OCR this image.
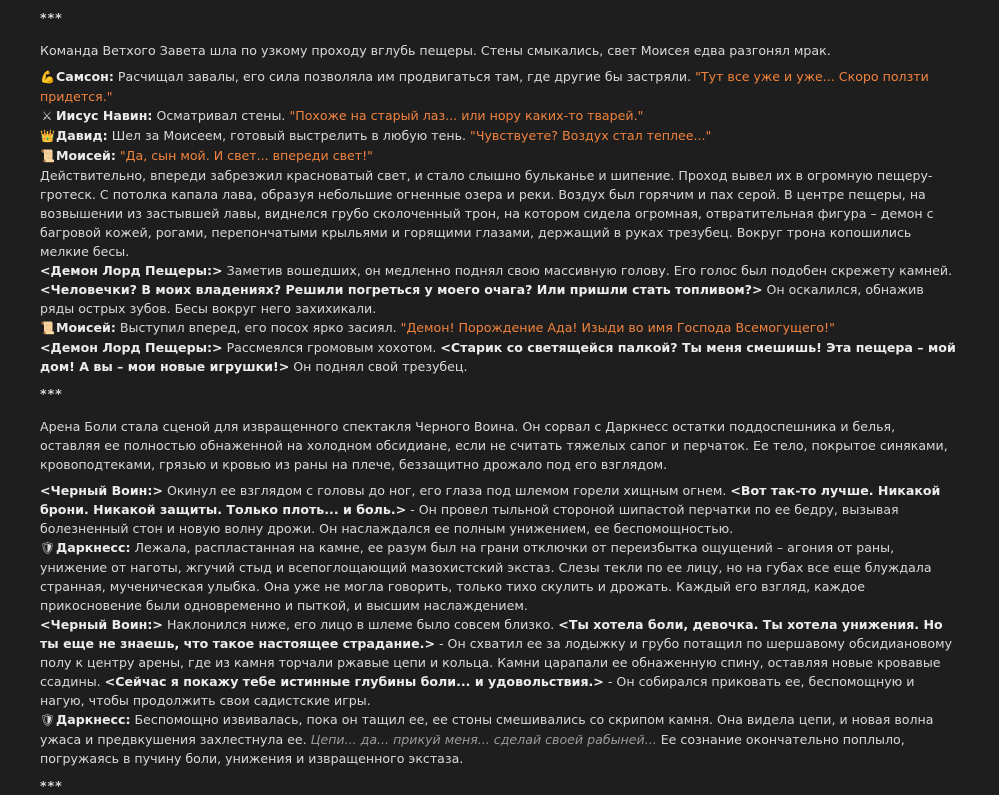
***
Команда Ветхого Завета шла по узкому проходу вглубь пещеры. Стены смыкались, свет Моисея едва разгонял мрак.
💪Самсон: Расчищал завалы, его сила позволяла им продвигаться там, где другие бы застряли. "Тут все уже и уже... Скоро ползти придется."
⚔ Иисус Навин: Осматривал стены. "Похоже на старый лаз... или нору каких-то тварей."
👑Давид: Шел за Моисеем, готовый выстрелить в любую тень. "Чувствуете? Воздух стал теплее..."
📜Моисей: "Да, сын мой. И свет... впереди свет!"
Действительно, впереди забрезжил красноватый свет, и стало слышно бульканье и шипение. Проход вывел их в огромную пещеру-гротеск. С потолка капала лава, образуя небольшие огненные озера и реки. Воздух был горячим и пах серой. В центре пещеры, на возвышении из застывшей лавы, виднелся грубо сколоченный трон, на котором сидела огромная, отвратительная фигура – демон с багровой кожей, рогами, перепончатыми крыльями и горящими глазами, держащий в руках трезубец. Вокруг трона копошились мелкие бесы.
<Демон Лорд Пещеры:> Заметив вошедших, он медленно поднял свою массивную голову. Его голос был подобен скрежету камней.
<Человечки? В моих владениях? Решили погреться у моего очага? Или пришли стать топливом?> Он оскалился, обнажив ряды острых зубов. Бесы вокруг него захихикали.
📜Моисей: Выступил вперед, его посох ярко засиял. "Демон! Порождение Ада! Изыди во имя Господа Всемогущего!"
<Демон Лорд Пещеры:> Рассмеялся громовым хохотом. <Старик со светящейся палкой? Ты меня смешишь! Эта пещера – мой дом! А вы – мои новые игрушки!> Он поднял свой трезубец.
***
Арена Боли стала сценой для извращенного спектакля Черного Воина. Он сорвал с Даркнесс остатки поддоспешника и белья, оставляя ее полностью обнаженной на холодном обсидиане, если не считать тяжелых сапог и перчаток. Ее тело, покрытое синяками, кровоподтеками, грязью и кровью из раны на плече, беззащитно дрожало под его взглядом.
<Черный Воин:> Окинул ее взглядом с головы до ног, его глаза под шлемом горели хищным огнем. <Вот так-то лучше. Никакой брони. Никакой защиты. Только плоть... и боль.> - Он провел тыльной стороной шипастой перчатки по ее бедру, вызывая болезненный стон и новую волну дрожи. Он наслаждался ее полным унижением, ее беспомощностью.
🛡Даркнесс: Лежала, распластанная на камне, ее разум был на грани отключки от переизбытка ощущений – агония от раны, унижение от наготы, жгучий стыд и всепоглощающий мазохистский экстаз. Слезы текли по ее лицу, но на губах все еще блуждала странная, мученическая улыбка. Она уже не могла говорить, только тихо скулить и дрожать. Каждый его взгляд, каждое прикосновение были одновременно и пыткой, и высшим наслаждением.
<Черный Воин:> Наклонился ниже, его лицо в шлеме было совсем близко. <Ты хотела боли, девочка. Ты хотела унижения. Но ты еще не знаешь, что такое настоящее страдание.> - Он схватил ее за лодыжку и грубо потащил по шершавому обсидиановому полу к центру арены, где из камня торчали ржавые цепи и кольца. Камни царапали ее обнаженную спину, оставляя новые кровавые ссадины. <Сейчас я покажу тебе истинные глубины боли... и удовольствия.> - Он собирался приковать ее, беспомощную и нагую, чтобы продолжить свои садистские игры.
🛡Даркнесс: Беспомощно извивалась, пока он тащил ее, ее стоны смешивались со скрипом камня. Она видела цепи, и новая волна ужаса и предвкушения захлестнула ее. Цепи... да... прикуй меня... сделай своей рабыней... Ее сознание окончательно поплыло, погружаясь в пучину боли, унижения и извращенного экстаза.
***
